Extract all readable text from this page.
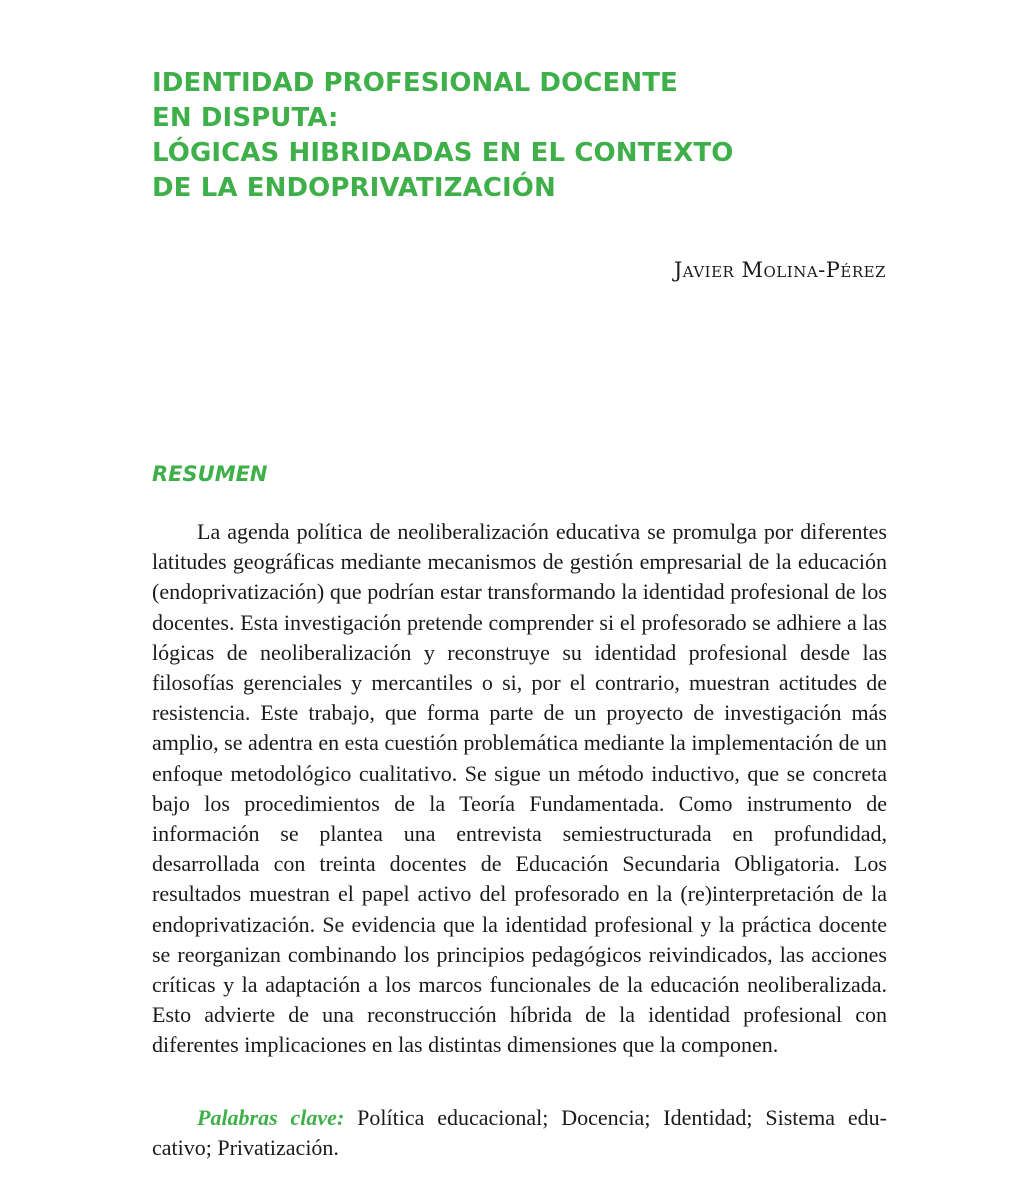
IDENTIDAD PROFESIONAL DOCENTE
EN DISPUTA:
LÓGICAS HIBRIDADAS EN EL CONTEXTO
DE LA ENDOPRIVATIZACIÓN
Javier Molina-Pérez
RESUMEN

La agenda política de neoliberalización educativa se promulga por diferentes latitudes geográficas mediante mecanismos de gestión empresarial de la educación (endoprivatización) que podrían estar transformando la identidad profesional de los docentes. Esta investigación pretende comprender si el profesorado se adhiere a las lógicas de neoliberalización y reconstruye su identidad profesional desde las filosofías gerenciales y mercantiles o si, por el contrario, muestran actitudes de resistencia. Este trabajo, que forma parte de un proyecto de investigación más amplio, se adentra en esta cuestión problemática mediante la implementación de un enfoque metodológico cualitativo. Se sigue un método inductivo, que se concreta bajo los procedimientos de la Teoría Fundamentada. Como instrumento de información se plantea una entrevista semiestructurada en profundidad, desarrollada con treinta docentes de Educación Secundaria Obligatoria. Los resultados muestran el papel activo del profesorado en la (re)interpretación de la endoprivatización. Se evidencia que la identidad profesional y la práctica docente se reorganizan combinando los principios pedagógicos reivindicados, las acciones críticas y la adaptación a los marcos funcionales de la educación neoliberalizada. Esto advierte de una reconstrucción híbrida de la identidad profesional con diferentes implicaciones en las distintas dimensiones que la componen.

Palabras clave: Política educacional; Docencia; Identidad; Sistema educativo; Privatización.
